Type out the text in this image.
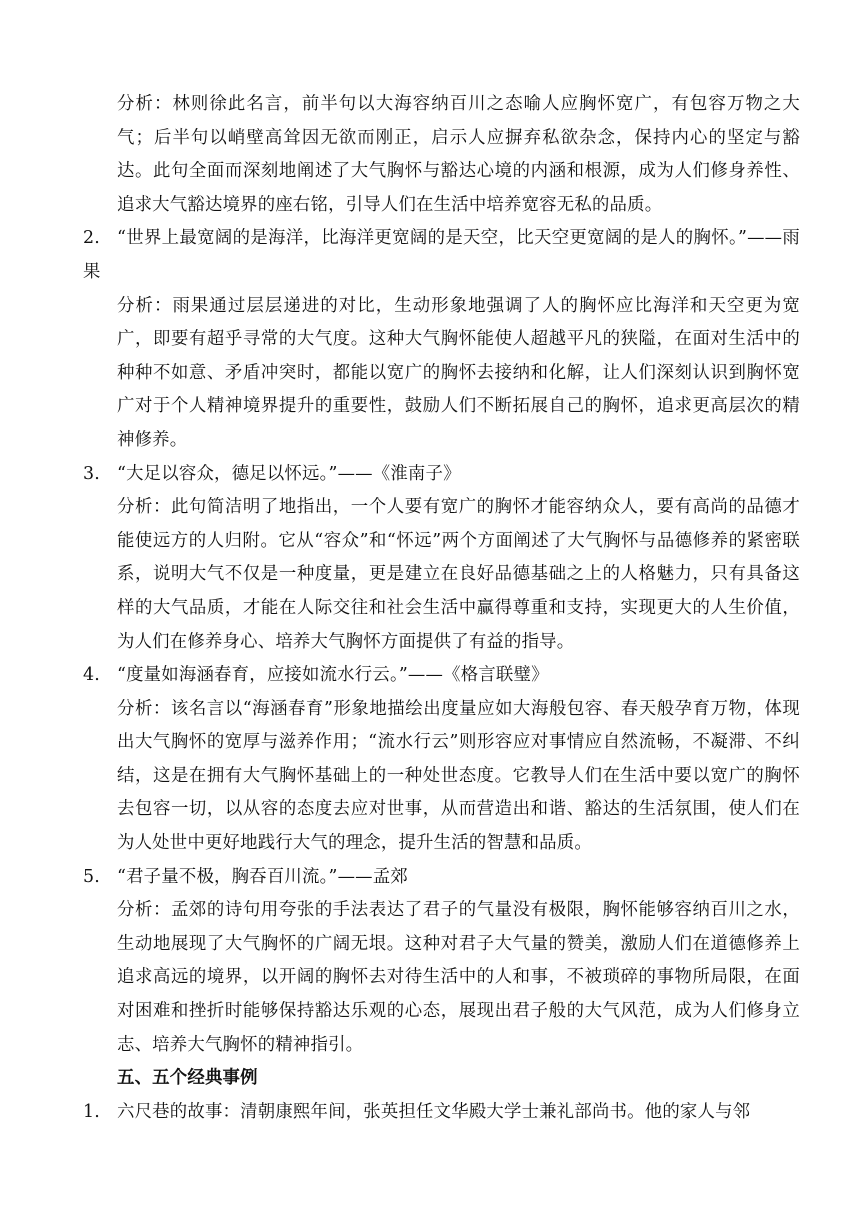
分析：林则徐此名言，前半句以大海容纳百川之态喻人应胸怀宽广，有包容万物之大气；后半句以峭壁高耸因无欲而刚正，启示人应摒弃私欲杂念，保持内心的坚定与豁达。此句全面而深刻地阐述了大气胸怀与豁达心境的内涵和根源，成为人们修身养性、追求大气豁达境界的座右铭，引导人们在生活中培养宽容无私的品质。

2. “世界上最宽阔的是海洋，比海洋更宽阔的是天空，比天空更宽阔的是人的胸怀。”——雨果

分析：雨果通过层层递进的对比，生动形象地强调了人的胸怀应比海洋和天空更为宽广，即要有超乎寻常的大气度。这种大气胸怀能使人超越平凡的狭隘，在面对生活中的种种不如意、矛盾冲突时，都能以宽广的胸怀去接纳和化解，让人们深刻认识到胸怀宽广对于个人精神境界提升的重要性，鼓励人们不断拓展自己的胸怀，追求更高层次的精神修养。

3. “大足以容众，德足以怀远。”——《淮南子》

分析：此句简洁明了地指出，一个人要有宽广的胸怀才能容纳众人，要有高尚的品德才能使远方的人归附。它从“容众”和“怀远”两个方面阐述了大气胸怀与品德修养的紧密联系，说明大气不仅是一种度量，更是建立在良好品德基础之上的人格魅力，只有具备这样的大气品质，才能在人际交往和社会生活中赢得尊重和支持，实现更大的人生价值，为人们在修养身心、培养大气胸怀方面提供了有益的指导。

4. “度量如海涵春育，应接如流水行云。”——《格言联璧》

分析：该名言以“海涵春育”形象地描绘出度量应如大海般包容、春天般孕育万物，体现出大气胸怀的宽厚与滋养作用；“流水行云”则形容应对事情应自然流畅，不凝滞、不纠结，这是在拥有大气胸怀基础上的一种处世态度。它教导人们在生活中要以宽广的胸怀去包容一切，以从容的态度去应对世事，从而营造出和谐、豁达的生活氛围，使人们在为人处世中更好地践行大气的理念，提升生活的智慧和品质。

5. “君子量不极，胸吞百川流。”——孟郊

分析：孟郊的诗句用夸张的手法表达了君子的气量没有极限，胸怀能够容纳百川之水，生动地展现了大气胸怀的广阔无垠。这种对君子大气量的赞美，激励人们在道德修养上追求高远的境界，以开阔的胸怀去对待生活中的人和事，不被琐碎的事物所局限，在面对困难和挫折时能够保持豁达乐观的心态，展现出君子般的大气风范，成为人们修身立志、培养大气胸怀的精神指引。

五、五个经典事例

1. 六尺巷的故事：清朝康熙年间，张英担任文华殿大学士兼礼部尚书。他的家人与邻
